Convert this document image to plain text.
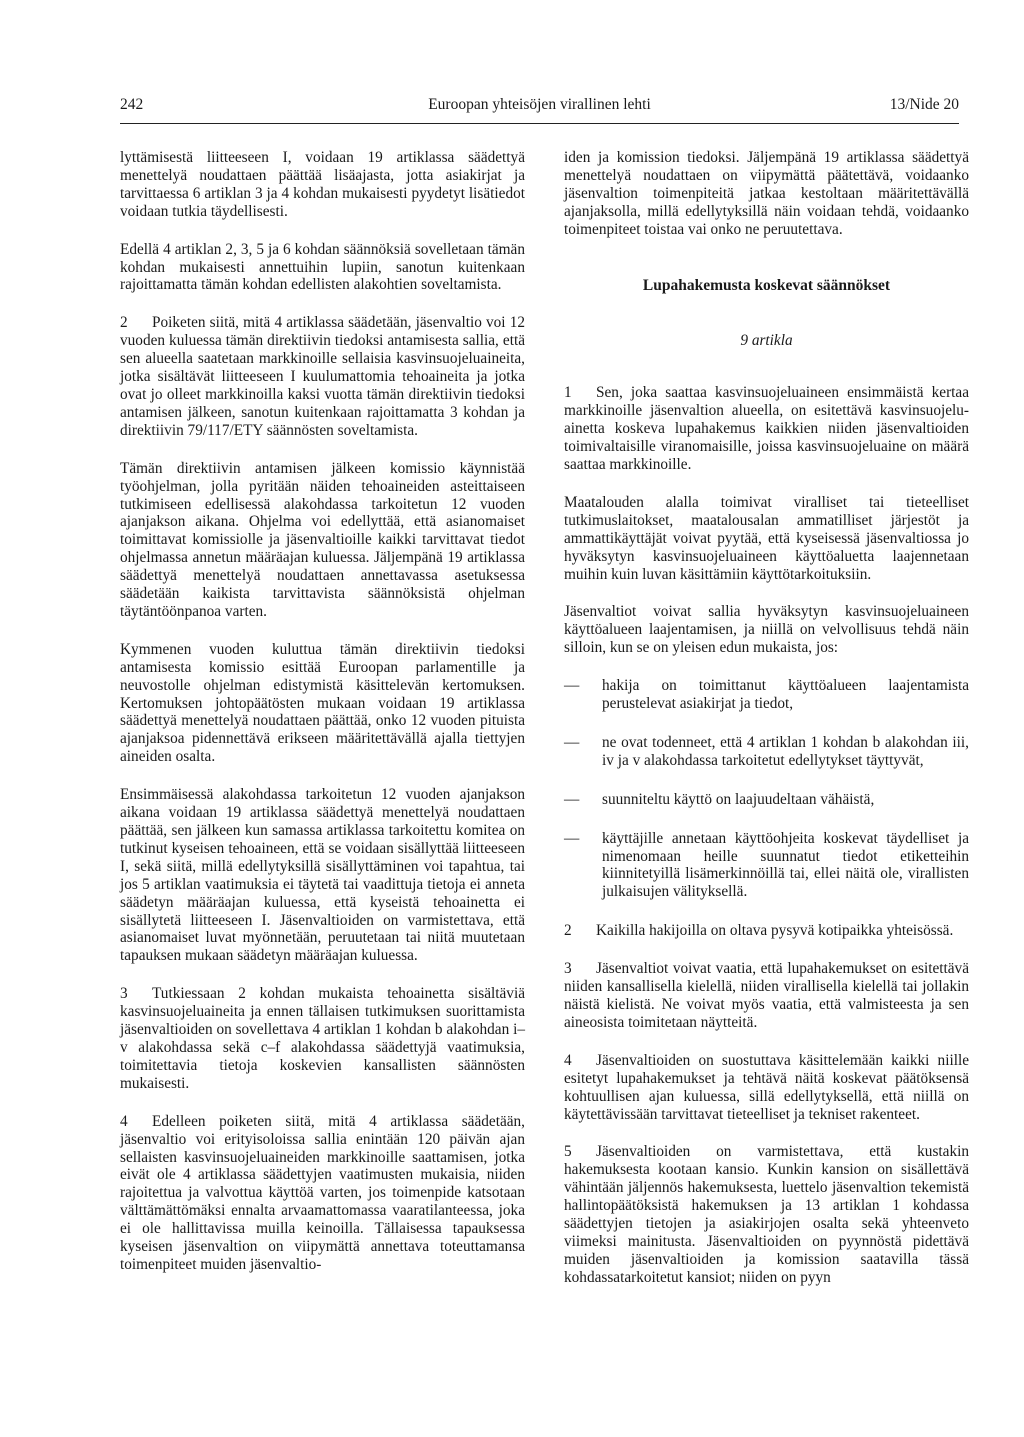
242	Euroopan yhteisöjen virallinen lehti	13/Nide 20

lyttämisestä liitteeseen I, voidaan 19 artiklassa säädettyä menettelyä noudattaen päättää lisäajasta, jotta asiakirjat ja tarvittaessa 6 artiklan 3 ja 4 kohdan mukaisesti pyydetyt lisätiedot voidaan tutkia täydellisesti.

Edellä 4 artiklan 2, 3, 5 ja 6 kohdan säännöksiä sovelletaan tämän kohdan mukaisesti annettuihin lupiin, sanotun kuitenkaan rajoittamatta tämän kohdan edellisten alakohtien soveltamista.

2 Poiketen siitä, mitä 4 artiklassa säädetään, jäsenvaltio voi 12 vuoden kuluessa tämän direktiivin tiedoksi antamisesta sallia, että sen alueella saatetaan markkinoille sellaisia kasvinsuojeluaineita, jotka sisältävät liitteeseen I kuulumattomia tehoaineita ja jotka ovat jo olleet markkinoilla kaksi vuotta tämän direktiivin tiedoksi antamisen jälkeen, sanotun kuitenkaan rajoittamatta 3 kohdan ja direktiivin 79/117/ETY säännösten soveltamista.

Tämän direktiivin antamisen jälkeen komissio käynnistää työohjelman, jolla pyritään näiden tehoaineiden asteittaiseen tutkimiseen edellisessä alakohdassa tarkoitetun 12 vuoden ajanjakson aikana. Ohjelma voi edellyttää, että asianomaiset toimittavat komissiolle ja jäsenvaltioille kaikki tarvittavat tiedot ohjelmassa annetun määräajan kuluessa. Jäljempänä 19 artiklassa säädettyä menettelyä noudattaen annettavassa asetuksessa säädetään kaikista tarvittavista säännöksistä ohjelman täytäntöönpanoa varten.

Kymmenen vuoden kuluttua tämän direktiivin tiedoksi antamisesta komissio esittää Euroopan parlamentille ja neuvostolle ohjelman edistymistä käsittelevän kertomuksen. Kertomuksen johtopäätösten mukaan voidaan 19 artiklassa säädettyä menettelyä noudattaen päättää, onko 12 vuoden pituista ajanjaksoa pidennettävä erikseen määritettävällä ajalla tiettyjen aineiden osalta.

Ensimmäisessä alakohdassa tarkoitetun 12 vuoden ajanjakson aikana voidaan 19 artiklassa säädettyä menettelyä noudattaen päättää, sen jälkeen kun samassa artiklassa tarkoitettu komitea on tutkinut kyseisen tehoaineen, että se voidaan sisällyttää liitteeseen I, sekä siitä, millä edellytyksillä sisällyttäminen voi tapahtua, tai jos 5 artiklan vaatimuksia ei täytetä tai vaadittuja tietoja ei anneta säädetyn määräajan kuluessa, että kyseistä tehoainetta ei sisällytetä liitteeseen I. Jäsenvaltioiden on varmistettava, että asianomaiset luvat myönnetään, peruutetaan tai niitä muutetaan tapauksen mukaan säädetyn määräajan kuluessa.

3 Tutkiessaan 2 kohdan mukaista tehoainetta sisältäviä kasvinsuojeluaineita ja ennen tällaisen tutkimuksen suorittamista jäsenvaltioiden on sovellettava 4 artiklan 1 kohdan b alakohdan i–v alakohdassa sekä c–f alakohdassa säädettyjä vaatimuksia, toimitettavia tietoja koskevien kansallisten säännösten mukaisesti.

4 Edelleen poiketen siitä, mitä 4 artiklassa säädetään, jäsenvaltio voi erityisoloissa sallia enintään 120 päivän ajan sellaisten kasvinsuojeluaineiden markkinoille saattamisen, jotka eivät ole 4 artiklassa säädettyjen vaatimusten mukaisia, niiden rajoitettua ja valvottua käyttöä varten, jos toimenpide katsotaan välttämättömäksi ennalta arvaamattomassa vaaratilanteessa, joka ei ole hallittavissa muilla keinoilla. Tällaisessa tapauksessa kyseisen jäsenvaltion on viipymättä annettava toteuttamansa toimenpiteet muiden jäsenvaltio-

iden ja komission tiedoksi. Jäljempänä 19 artiklassa säädettyä menettelyä noudattaen on viipymättä päätettävä, voidaanko jäsenvaltion toimenpiteitä jatkaa kestoltaan määritettävällä ajanjaksolla, millä edellytyksillä näin voidaan tehdä, voidaanko toimenpiteet toistaa vai onko ne peruutettava.

Lupahakemusta koskevat säännökset
9 artikla

1 Sen, joka saattaa kasvinsuojeluaineen ensimmäistä kertaa markkinoille jäsenvaltion alueella, on esitettävä kasvinsuojelu-ainetta koskeva lupahakemus kaikkien niiden jäsenvaltioiden toimivaltaisille viranomaisille, joissa kasvinsuojeluaine on määrä saattaa markkinoille.

Maatalouden alalla toimivat viralliset tai tieteelliset tutkimuslaitokset, maatalousalan ammatilliset järjestöt ja ammattikäyttäjät voivat pyytää, että kyseisessä jäsenvaltiossa jo hyväksytyn kasvinsuojeluaineen käyttöaluetta laajennetaan muihin kuin luvan käsittämiin käyttötarkoituksiin.

Jäsenvaltiot voivat sallia hyväksytyn kasvinsuojeluaineen käyttöalueen laajentamisen, ja niillä on velvollisuus tehdä näin silloin, kun se on yleisen edun mukaista, jos:

—	hakija on toimittanut käyttöalueen laajentamista perustelevat asiakirjat ja tiedot,
—	ne ovat todenneet, että 4 artiklan 1 kohdan b alakohdan iii, iv ja v alakohdassa tarkoitetut edellytykset täyttyvät,
—	suunniteltu käyttö on laajuudeltaan vähäistä,
—	käyttäjille annetaan käyttöohjeita koskevat täydelliset ja nimenomaan heille suunnatut tiedot etiketteihin kiinnitetyillä lisämerkinnöillä tai, ellei näitä ole, virallisten julkaisujen välityksellä.

2 Kaikilla hakijoilla on oltava pysyvä kotipaikka yhteisössä.

3 Jäsenvaltiot voivat vaatia, että lupahakemukset on esitettävä niiden kansallisella kielellä, niiden virallisella kielellä tai jollakin näistä kielistä. Ne voivat myös vaatia, että valmisteesta ja sen aineosista toimitetaan näytteitä.

4 Jäsenvaltioiden on suostuttava käsittelemään kaikki niille esitetyt lupahakemukset ja tehtävä näitä koskevat päätöksensä kohtuullisen ajan kuluessa, sillä edellytyksellä, että niillä on käytettävissään tarvittavat tieteelliset ja tekniset rakenteet.

5 Jäsenvaltioiden on varmistettava, että kustakin hakemuksesta kootaan kansio. Kunkin kansion on sisällettävä vähintään jäljennös hakemuksesta, luettelo jäsenvaltion tekemistä hallintopäätöksistä hakemuksen ja 13 artiklan 1 kohdassa säädettyjen tietojen ja asiakirjojen osalta sekä yhteenveto viimeksi mainitusta. Jäsenvaltioiden on pyynnöstä pidettävä muiden jäsenvaltioiden ja komission saatavilla tässä kohdassatarkoitetut kansiot; niiden on pyyn
